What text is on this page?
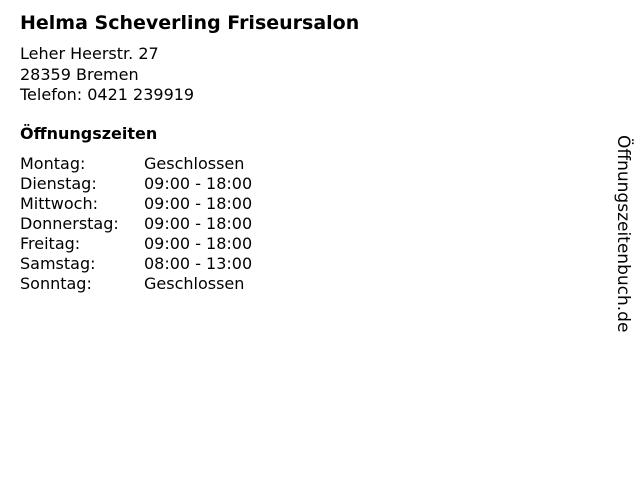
Helma Scheverling Friseursalon
Leher Heerstr. 27
28359 Bremen
Telefon: 0421 239919
Öffnungszeiten
Montag:	Geschlossen
Dienstag:	09:00 - 18:00
Mittwoch:	09:00 - 18:00
Donnerstag:	09:00 - 18:00
Freitag:	09:00 - 18:00
Samstag:	08:00 - 13:00
Sonntag:	Geschlossen	Öffnungszeitenbuch.de
